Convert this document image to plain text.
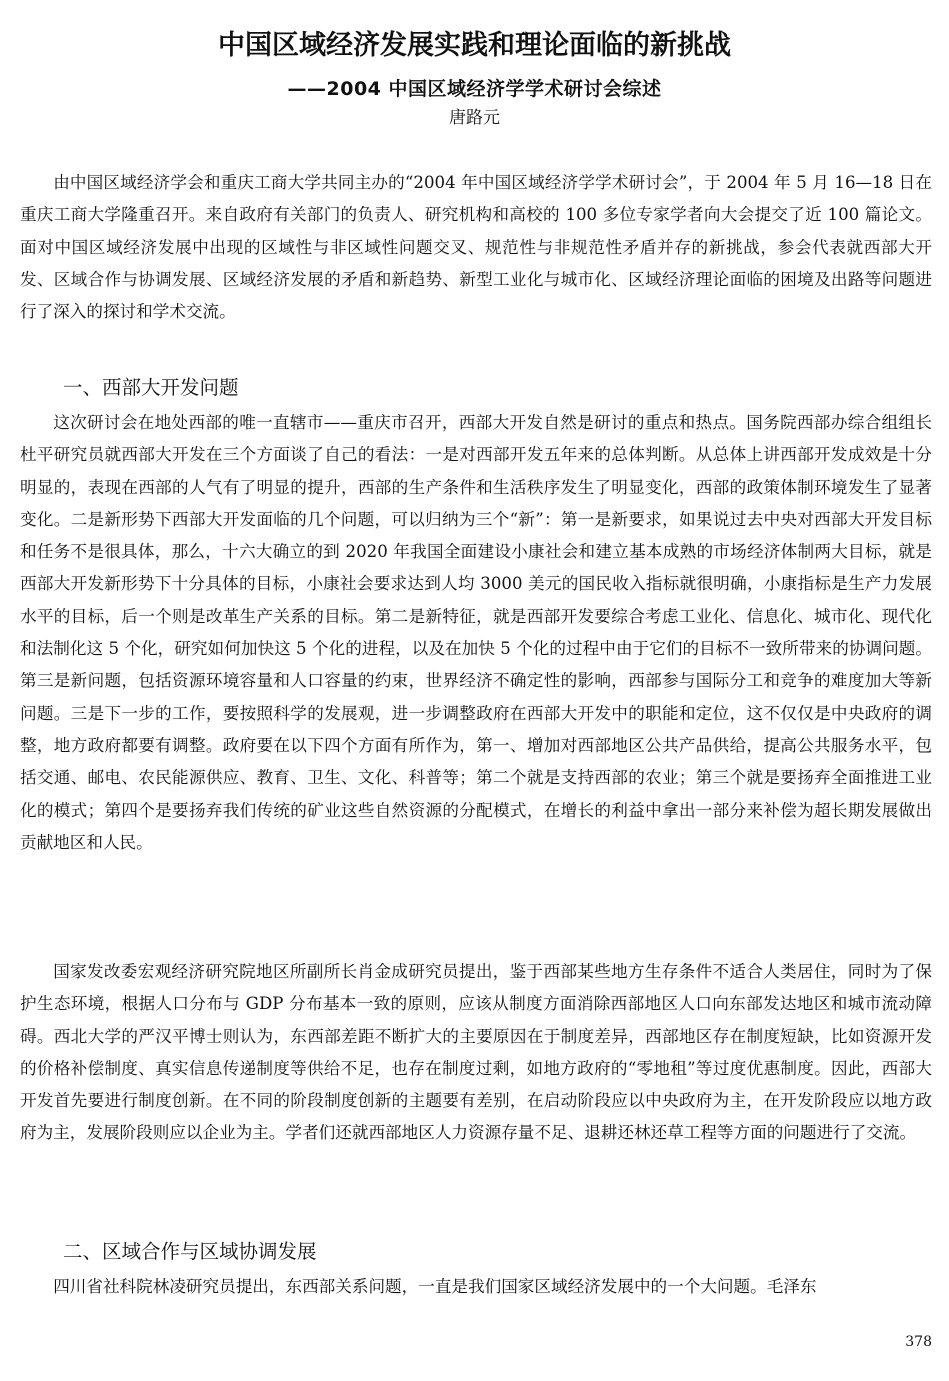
中国区域经济发展实践和理论面临的新挑战
——2004 中国区域经济学学术研讨会综述

唐路元

由中国区域经济学会和重庆工商大学共同主办的“2004 年中国区域经济学学术研讨会”，于 2004 年 5 月 16—18 日在重庆工商大学隆重召开。来自政府有关部门的负责人、研究机构和高校的 100 多位专家学者向大会提交了近 100 篇论文。面对中国区域经济发展中出现的区域性与非区域性问题交叉、规范性与非规范性矛盾并存的新挑战，参会代表就西部大开发、区域合作与协调发展、区域经济发展的矛盾和新趋势、新型工业化与城市化、区域经济理论面临的困境及出路等问题进行了深入的探讨和学术交流。

一、西部大开发问题

这次研讨会在地处西部的唯一直辖市——重庆市召开，西部大开发自然是研讨的重点和热点。国务院西部办综合组组长杜平研究员就西部大开发在三个方面谈了自己的看法：一是对西部开发五年来的总体判断。从总体上讲西部开发成效是十分明显的，表现在西部的人气有了明显的提升，西部的生产条件和生活秩序发生了明显变化，西部的政策体制环境发生了显著变化。二是新形势下西部大开发面临的几个问题，可以归纳为三个“新”：第一是新要求，如果说过去中央对西部大开发目标和任务不是很具体，那么，十六大确立的到 2020 年我国全面建设小康社会和建立基本成熟的市场经济体制两大目标，就是西部大开发新形势下十分具体的目标，小康社会要求达到人均 3000 美元的国民收入指标就很明确，小康指标是生产力发展水平的目标，后一个则是改革生产关系的目标。第二是新特征，就是西部开发要综合考虑工业化、信息化、城市化、现代化和法制化这 5 个化，研究如何加快这 5 个化的进程，以及在加快 5 个化的过程中由于它们的目标不一致所带来的协调问题。第三是新问题，包括资源环境容量和人口容量的约束，世界经济不确定性的影响，西部参与国际分工和竞争的难度加大等新问题。三是下一步的工作，要按照科学的发展观，进一步调整政府在西部大开发中的职能和定位，这不仅仅是中央政府的调整，地方政府都要有调整。政府要在以下四个方面有所作为，第一、增加对西部地区公共产品供给，提高公共服务水平，包括交通、邮电、农民能源供应、教育、卫生、文化、科普等；第二个就是支持西部的农业；第三个就是要扬弃全面推进工业化的模式；第四个是要扬弃我们传统的矿业这些自然资源的分配模式，在增长的利益中拿出一部分来补偿为超长期发展做出贡献地区和人民。

国家发改委宏观经济研究院地区所副所长肖金成研究员提出，鉴于西部某些地方生存条件不适合人类居住，同时为了保护生态环境，根据人口分布与 GDP 分布基本一致的原则，应该从制度方面消除西部地区人口向东部发达地区和城市流动障碍。西北大学的严汉平博士则认为，东西部差距不断扩大的主要原因在于制度差异，西部地区存在制度短缺，比如资源开发的价格补偿制度、真实信息传递制度等供给不足，也存在制度过剩，如地方政府的“零地租”等过度优惠制度。因此，西部大开发首先要进行制度创新。在不同的阶段制度创新的主题要有差别，在启动阶段应以中央政府为主，在开发阶段应以地方政府为主，发展阶段则应以企业为主。学者们还就西部地区人力资源存量不足、退耕还林还草工程等方面的问题进行了交流。

二、区域合作与区域协调发展

四川省社科院林凌研究员提出，东西部关系问题，一直是我们国家区域经济发展中的一个大问题。毛泽东

378
